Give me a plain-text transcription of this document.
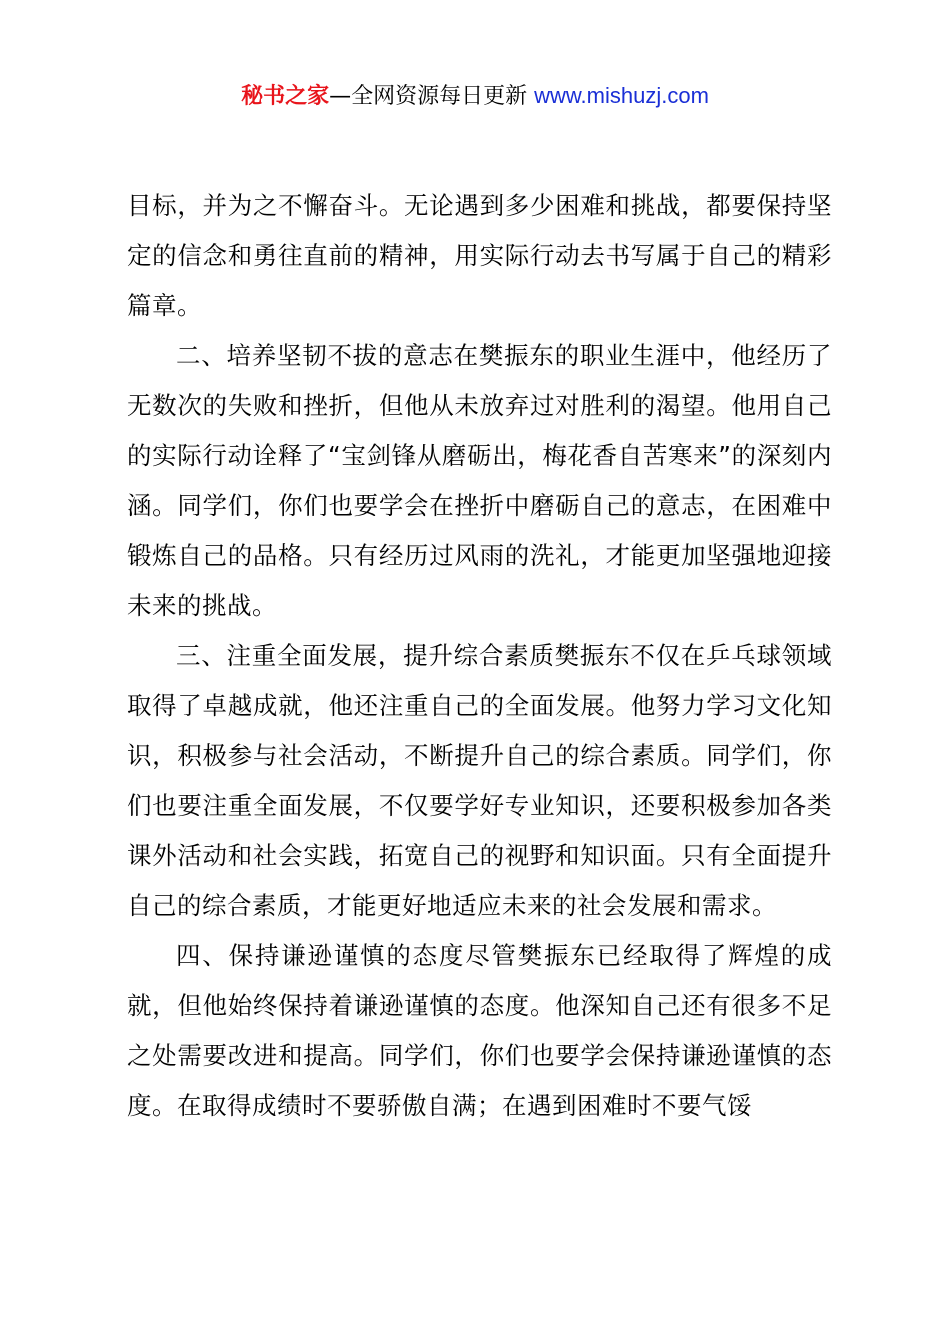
秘书之家—全网资源每日更新 www.mishuzj.com

目标，并为之不懈奋斗。无论遇到多少困难和挑战，都要保持坚定的信念和勇往直前的精神，用实际行动去书写属于自己的精彩篇章。

二、培养坚韧不拔的意志在樊振东的职业生涯中，他经历了无数次的失败和挫折，但他从未放弃过对胜利的渴望。他用自己的实际行动诠释了“宝剑锋从磨砺出，梅花香自苦寒来”的深刻内涵。同学们，你们也要学会在挫折中磨砺自己的意志，在困难中锻炼自己的品格。只有经历过风雨的洗礼，才能更加坚强地迎接未来的挑战。

三、注重全面发展，提升综合素质樊振东不仅在乒乓球领域取得了卓越成就，他还注重自己的全面发展。他努力学习文化知识，积极参与社会活动，不断提升自己的综合素质。同学们，你们也要注重全面发展，不仅要学好专业知识，还要积极参加各类课外活动和社会实践，拓宽自己的视野和知识面。只有全面提升自己的综合素质，才能更好地适应未来的社会发展和需求。

四、保持谦逊谨慎的态度尽管樊振东已经取得了辉煌的成就，但他始终保持着谦逊谨慎的态度。他深知自己还有很多不足之处需要改进和提高。同学们，你们也要学会保持谦逊谨慎的态度。在取得成绩时不要骄傲自满；在遇到困难时不要气馁
